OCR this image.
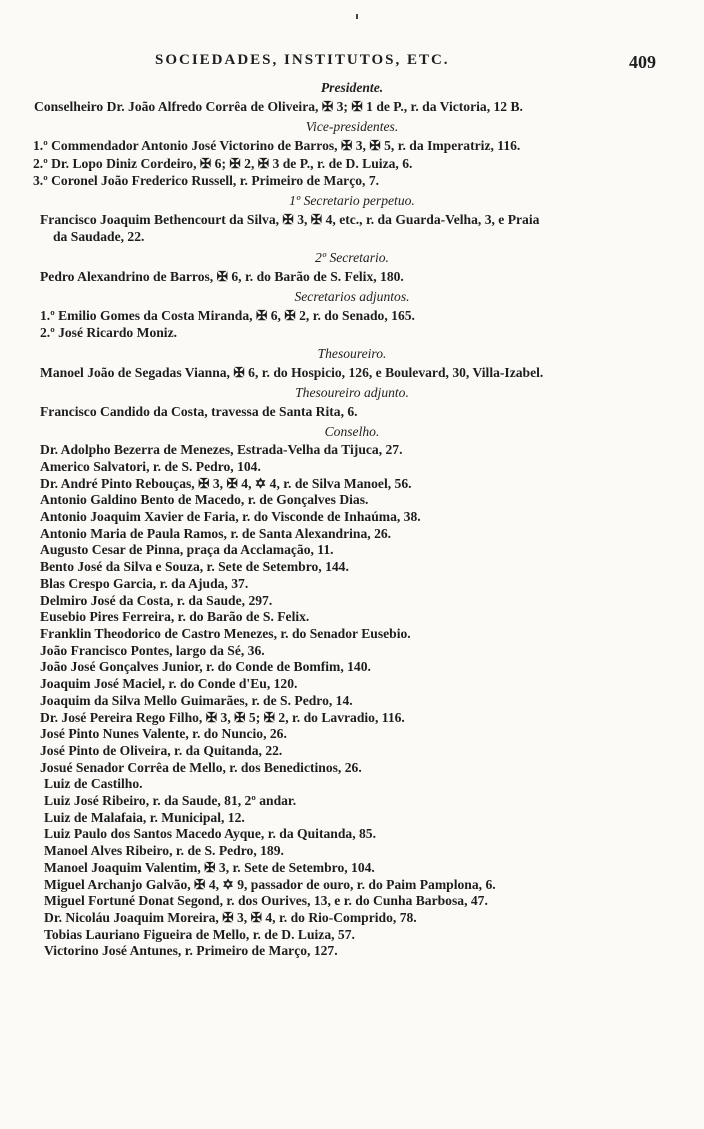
SOCIEDADES, INSTITUTOS, ETC.	409
Presidente.
Conselheiro Dr. João Alfredo Corrêa de Oliveira, ✠ 3; ✠ 1 de P., r. da Victoria, 12 B.
Vice-presidentes.
1.º Commendador Antonio José Victorino de Barros, ✠ 3, ✠ 5, r. da Imperatriz, 116.
2.º Dr. Lopo Diniz Cordeiro, ✠ 6; ✠ 2, ✠ 3 de P., r. de D. Luiza, 6.
3.º Coronel João Frederico Russell, r. Primeiro de Março, 7.
1º Secretario perpetuo.
Francisco Joaquim Bethencourt da Silva, ✠ 3, ✠ 4, etc., r. da Guarda-Velha, 3, e Praia
da Saudade, 22.
2º Secretario.
Pedro Alexandrino de Barros, ✠ 6, r. do Barão de S. Felix, 180.
Secretarios adjuntos.
1.º Emilio Gomes da Costa Miranda, ✠ 6, ✠ 2, r. do Senado, 165.
2.º José Ricardo Moniz.
Thesoureiro.
Manoel João de Segadas Vianna, ✠ 6, r. do Hospicio, 126, e Boulevard, 30, Villa-Izabel.
Thesoureiro adjunto.
Francisco Candido da Costa, travessa de Santa Rita, 6.
Conselho.
Dr. Adolpho Bezerra de Menezes, Estrada-Velha da Tijuca, 27.
Americo Salvatori, r. de S. Pedro, 104.
Dr. André Pinto Rebouças, ✠ 3, ✠ 4, ✡ 4, r. de Silva Manoel, 56.
Antonio Galdino Bento de Macedo, r. de Gonçalves Dias.
Antonio Joaquim Xavier de Faria, r. do Visconde de Inhaúma, 38.
Antonio Maria de Paula Ramos, r. de Santa Alexandrina, 26.
Augusto Cesar de Pinna, praça da Acclamação, 11.
Bento José da Silva e Souza, r. Sete de Setembro, 144.
Blas Crespo Garcia, r. da Ajuda, 37.
Delmiro José da Costa, r. da Saude, 297.
Eusebio Pires Ferreira, r. do Barão de S. Felix.
Franklin Theodorico de Castro Menezes, r. do Senador Eusebio.
João Francisco Pontes, largo da Sé, 36.
João José Gonçalves Junior, r. do Conde de Bomfim, 140.
Joaquim José Maciel, r. do Conde d'Eu, 120.
Joaquim da Silva Mello Guimarães, r. de S. Pedro, 14.
Dr. José Pereira Rego Filho, ✠ 3, ✠ 5; ✠ 2, r. do Lavradio, 116.
José Pinto Nunes Valente, r. do Nuncio, 26.
José Pinto de Oliveira, r. da Quitanda, 22.
Josué Senador Corrêa de Mello, r. dos Benedictinos, 26.
Luiz de Castilho.
Luiz José Ribeiro, r. da Saude, 81, 2º andar.
Luiz de Malafaia, r. Municipal, 12.
Luiz Paulo dos Santos Macedo Ayque, r. da Quitanda, 85.
Manoel Alves Ribeiro, r. de S. Pedro, 189.
Manoel Joaquim Valentim, ✠ 3, r. Sete de Setembro, 104.
Miguel Archanjo Galvão, ✠ 4, ✡ 9, passador de ouro, r. do Paim Pamplona, 6.
Miguel Fortuné Donat Segond, r. dos Ourives, 13, e r. do Cunha Barbosa, 47.
Dr. Nicoláu Joaquim Moreira, ✠ 3, ✠ 4, r. do Rio-Comprido, 78.
Tobias Lauriano Figueira de Mello, r. de D. Luiza, 57.
Victorino José Antunes, r. Primeiro de Março, 127.
